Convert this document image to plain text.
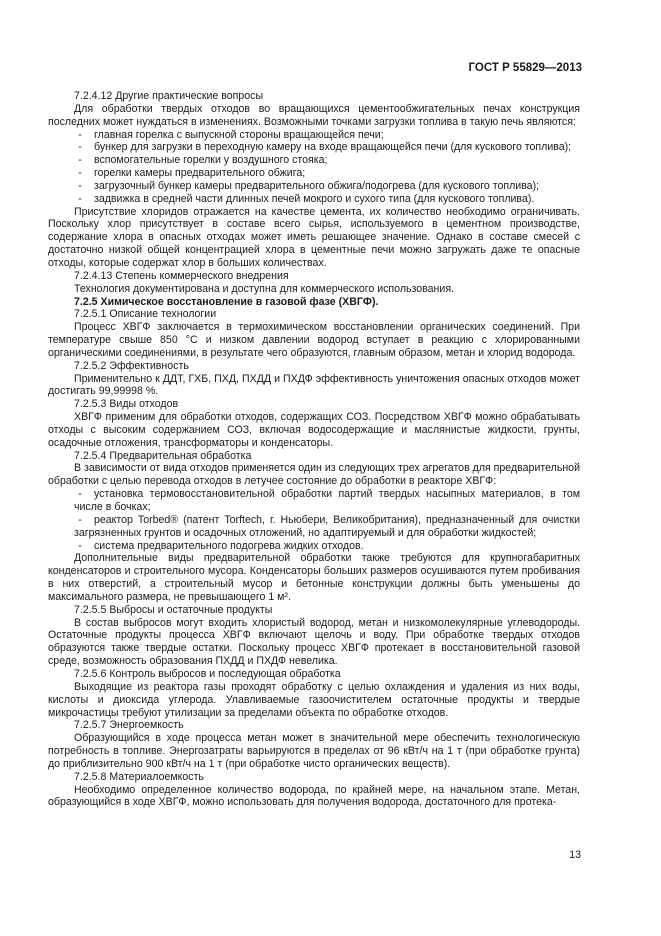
ГОСТ Р 55829—2013
7.2.4.12 Другие практические вопросы
Для обработки твердых отходов во вращающихся цементообжигательных печах конструкция последних может нуждаться в изменениях. Возможными точками загрузки топлива в такую печь являются:
- главная горелка с выпускной стороны вращающейся печи;
- бункер для загрузки в переходную камеру на входе вращающейся печи (для кускового топлива);
- вспомогательные горелки у воздушного стояка;
- горелки камеры предварительного обжига;
- загрузочный бункер камеры предварительного обжига/подогрева (для кускового топлива);
- задвижка в средней части длинных печей мокрого и сухого типа (для кускового топлива).
Присутствие хлоридов отражается на качестве цемента, их количество необходимо ограничивать. Поскольку хлор присутствует в составе всего сырья, используемого в цементном производстве, содержание хлора в опасных отходах может иметь решающее значение. Однако в составе смесей с достаточно низкой общей концентрацией хлора в цементные печи можно загружать даже те опасные отходы, которые содержат хлор в больших количествах.
7.2.4.13 Степень коммерческого внедрения
Технология документирована и доступна для коммерческого использования.
7.2.5 Химическое восстановление в газовой фазе (ХВГФ).
7.2.5.1 Описание технологии
Процесс ХВГФ заключается в термохимическом восстановлении органических соединений. При температуре свыше 850 °С и низком давлении водород вступает в реакцию с хлорированными органическими соединениями, в результате чего образуются, главным образом, метан и хлорид водорода.
7.2.5.2 Эффективность
Применительно к ДДТ, ГХБ, ПХД, ПХДД и ПХДФ эффективность уничтожения опасных отходов может достигать 99,99998 %.
7.2.5.3 Виды отходов
ХВГФ применим для обработки отходов, содержащих СОЗ. Посредством ХВГФ можно обрабатывать отходы с высоким содержанием СОЗ, включая водосодержащие и маслянистые жидкости, грунты, осадочные отложения, трансформаторы и конденсаторы.
7.2.5.4 Предварительная обработка
В зависимости от вида отходов применяется один из следующих трех агрегатов для предварительной обработки с целью перевода отходов в летучее состояние до обработки в реакторе ХВГФ:
- установка термовосстановительной обработки партий твердых насыпных материалов, в том числе в бочках;
- реактор Torbed® (патент Torftech, г. Ньюбери, Великобритания), предназначенный для очистки загрязненных грунтов и осадочных отложений, но адаптируемый и для обработки жидкостей;
- система предварительного подогрева жидких отходов.
Дополнительные виды предварительной обработки также требуются для крупногабаритных конденсаторов и строительного мусора. Конденсаторы больших размеров осушиваются путем пробивания в них отверстий, а строительный мусор и бетонные конструкции должны быть уменьшены до максимального размера, не превышающего 1 м².
7.2.5.5 Выбросы и остаточные продукты
В состав выбросов могут входить хлористый водород, метан и низкомолекулярные углеводороды. Остаточные продукты процесса ХВГФ включают щелочь и воду. При обработке твердых отходов образуются также твердые остатки. Поскольку процесс ХВГФ протекает в восстановительной газовой среде, возможность образования ПХДД и ПХДФ невелика.
7.2.5.6 Контроль выбросов и последующая обработка
Выходящие из реактора газы проходят обработку с целью охлаждения и удаления из них воды, кислоты и диоксида углерода. Улавливаемые газоочистителем остаточные продукты и твердые микрочастицы требуют утилизации за пределами объекта по обработке отходов.
7.2.5.7 Энергоемкость
Образующийся в ходе процесса метан может в значительной мере обеспечить технологическую потребность в топливе. Энергозатраты варьируются в пределах от 96 кВт/ч на 1 т (при обработке грунта) до приблизительно 900 кВт/ч на 1 т (при обработке чисто органических веществ).
7.2.5.8 Материалоемкость
Необходимо определенное количество водорода, по крайней мере, на начальном этапе. Метан, образующийся в ходе ХВГФ, можно использовать для получения водорода, достаточного для протека-
13
